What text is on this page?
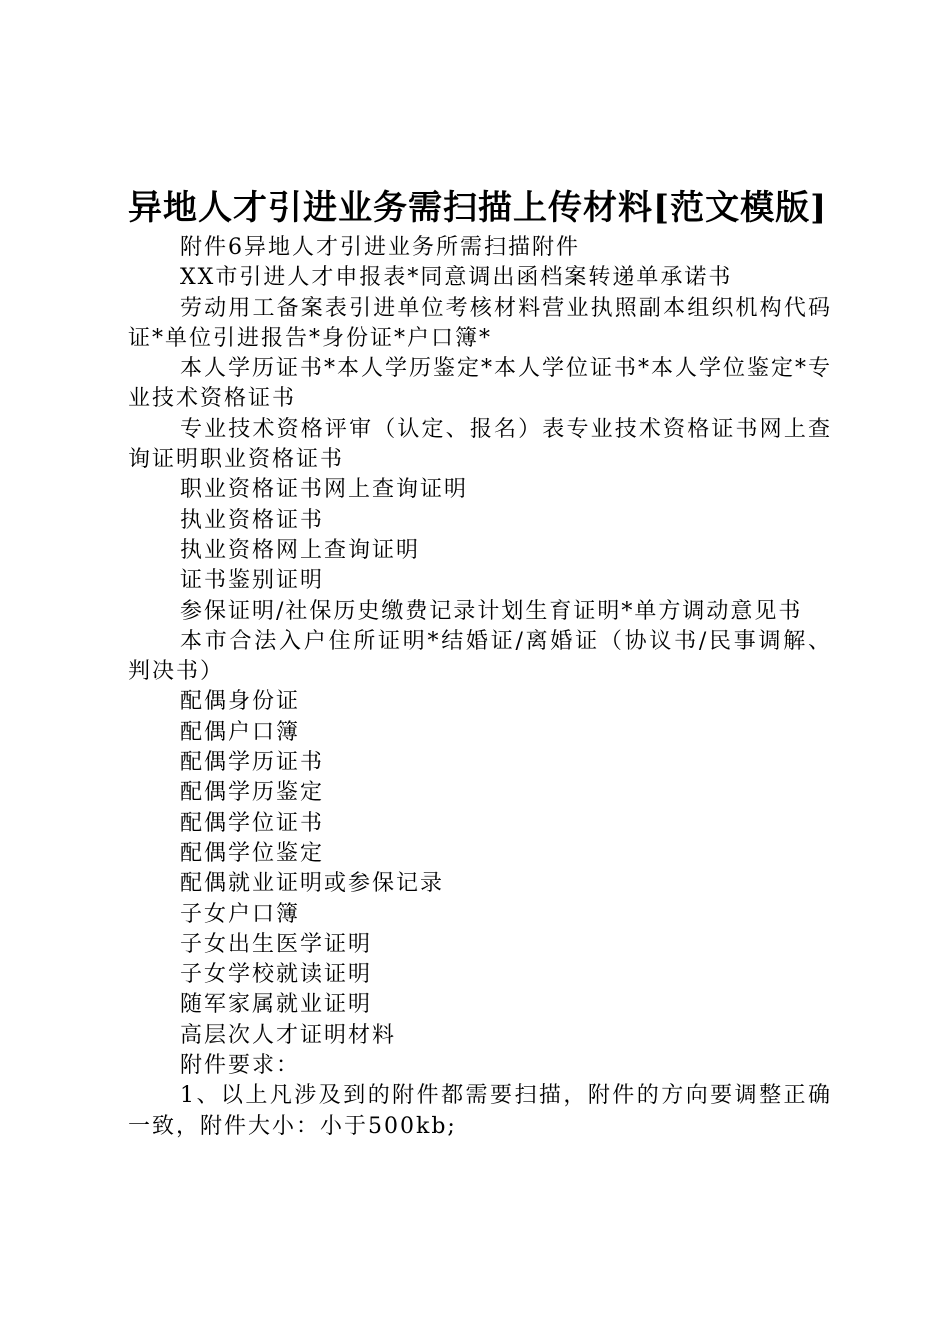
异地人才引进业务需扫描上传材料[范文模版]

附件6异地人才引进业务所需扫描附件

XX市引进人才申报表*同意调出函档案转递单承诺书

劳动用工备案表引进单位考核材料营业执照副本组织机构代码证*单位引进报告*身份证*户口簿*

本人学历证书*本人学历鉴定*本人学位证书*本人学位鉴定*专业技术资格证书

专业技术资格评审（认定、报名）表专业技术资格证书网上查询证明职业资格证书

职业资格证书网上查询证明

执业资格证书

执业资格网上查询证明

证书鉴别证明

参保证明/社保历史缴费记录计划生育证明*单方调动意见书

本市合法入户住所证明*结婚证/离婚证（协议书/民事调解、判决书）

配偶身份证

配偶户口簿

配偶学历证书

配偶学历鉴定

配偶学位证书

配偶学位鉴定

配偶就业证明或参保记录

子女户口簿

子女出生医学证明

子女学校就读证明

随军家属就业证明

高层次人才证明材料

附件要求：

1、以上凡涉及到的附件都需要扫描，附件的方向要调整正确一致，附件大小：小于500kb;
